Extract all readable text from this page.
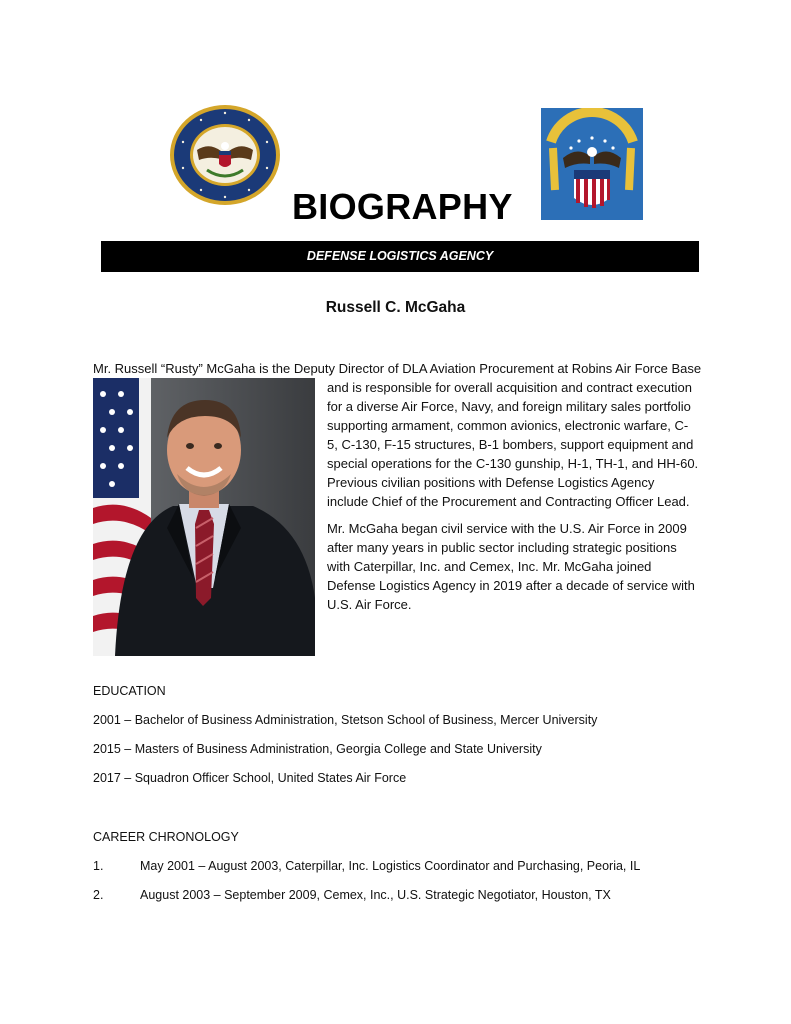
BIOGRAPHY
DEFENSE LOGISTICS AGENCY
Russell C. McGaha
Mr. Russell “Rusty” McGaha is the Deputy Director of DLA Aviation Procurement at Robins Air Force Base

and is responsible for overall acquisition and contract execution for a diverse Air Force, Navy, and foreign military sales portfolio supporting armament, common avionics, electronic warfare, C-5, C-130, F-15 structures, B-1 bombers, support equipment and special operations for the C-130 gunship, H-1, TH-1, and HH-60. Previous civilian positions with Defense Logistics Agency include Chief of the Procurement and Contracting Officer Lead.

Mr. McGaha began civil service with the U.S. Air Force in 2009 after many years in public sector including strategic positions with Caterpillar, Inc. and Cemex, Inc. Mr. McGaha joined Defense Logistics Agency in 2019 after a decade of service with U.S. Air Force.

EDUCATION

2001 – Bachelor of Business Administration, Stetson School of Business, Mercer University

2015 – Masters of Business Administration, Georgia College and State University

2017 – Squadron Officer School, United States Air Force

CAREER CHRONOLOGY

1.	May 2001 – August 2003, Caterpillar, Inc. Logistics Coordinator and Purchasing, Peoria, IL
2.	August 2003 – September 2009, Cemex, Inc., U.S. Strategic Negotiator, Houston, TX
